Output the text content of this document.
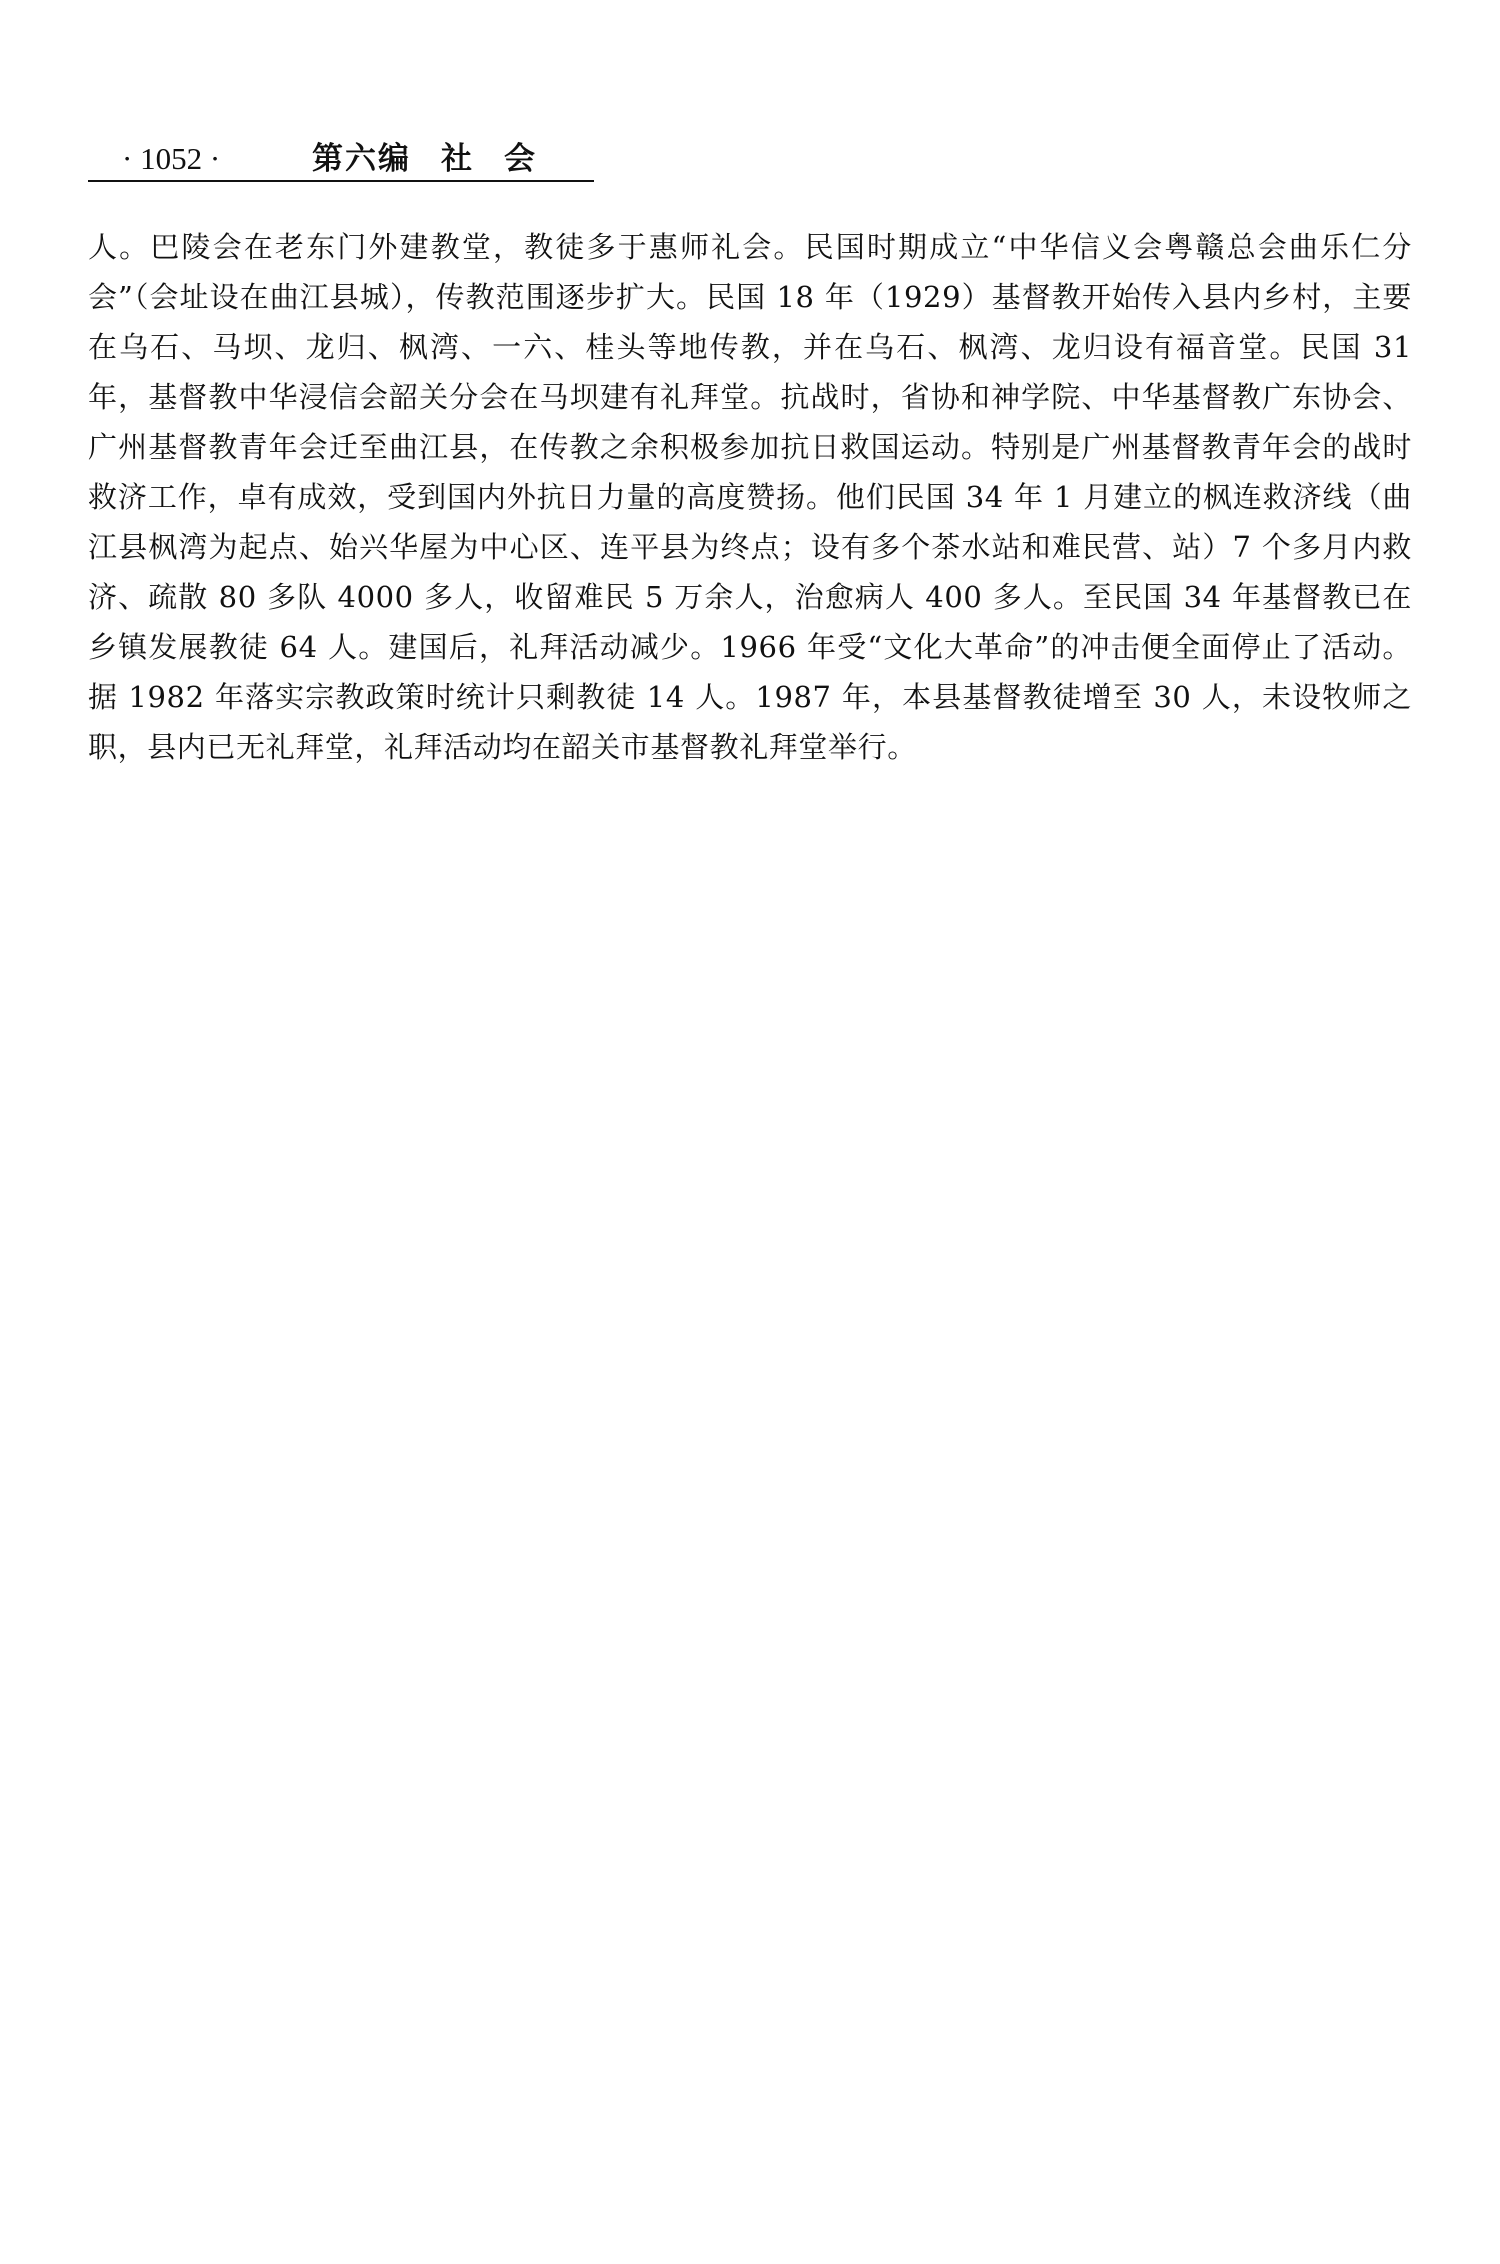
· 1052 ·	第六编 社 会

人。巴陵会在老东门外建教堂，教徒多于惠师礼会。民国时期成立“中华信义会粤赣总会曲乐仁分会”（会址设在曲江县城），传教范围逐步扩大。民国 18 年（1929）基督教开始传入县内乡村，主要在乌石、马坝、龙归、枫湾、一六、桂头等地传教，并在乌石、枫湾、龙归设有福音堂。民国 31 年，基督教中华浸信会韶关分会在马坝建有礼拜堂。抗战时，省协和神学院、中华基督教广东协会、广州基督教青年会迁至曲江县，在传教之余积极参加抗日救国运动。特别是广州基督教青年会的战时救济工作，卓有成效，受到国内外抗日力量的高度赞扬。他们民国 34 年 1 月建立的枫连救济线（曲江县枫湾为起点、始兴华屋为中心区、连平县为终点；设有多个茶水站和难民营、站）7 个多月内救济、疏散 80 多队 4000 多人，收留难民 5 万余人，治愈病人 400 多人。至民国 34 年基督教已在乡镇发展教徒 64 人。建国后，礼拜活动减少。1966 年受“文化大革命”的冲击便全面停止了活动。据 1982 年落实宗教政策时统计只剩教徒 14 人。1987 年，本县基督教徒增至 30 人，未设牧师之职，县内已无礼拜堂，礼拜活动均在韶关市基督教礼拜堂举行。
